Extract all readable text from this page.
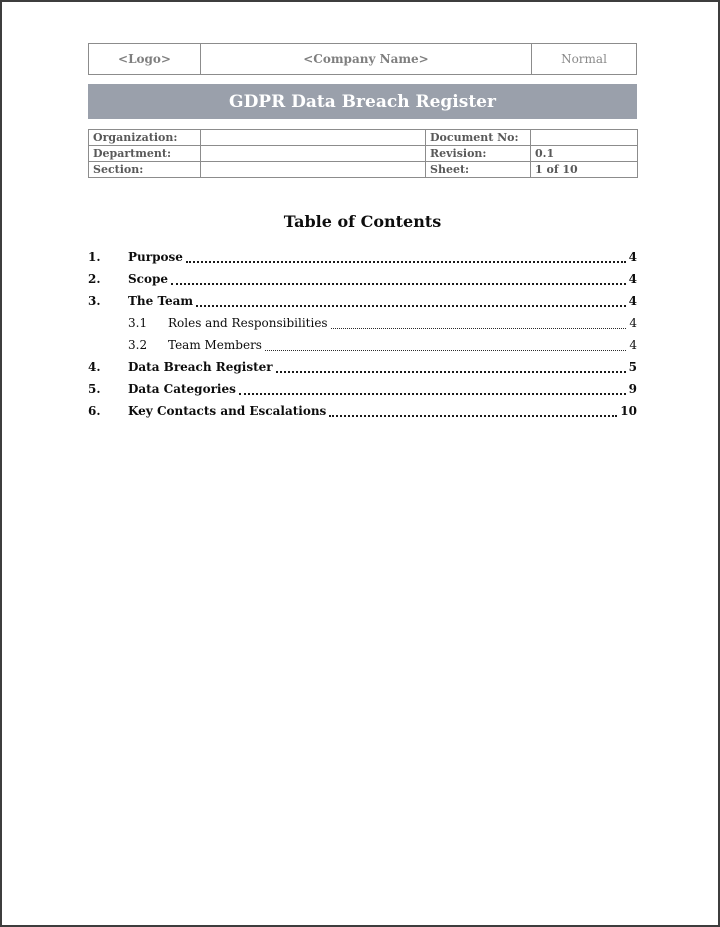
<Logo>	<Company Name>	Normal
GDPR Data Breach Register
Organization:		Document No:	
Department:		Revision:	0.1
Section:		Sheet:	1 of 10
Table of Contents
1.	Purpose	4
2.	Scope	4
3.	The Team	4
3.1	Roles and Responsibilities	4
3.2	Team Members	4
4.	Data Breach Register	5
5.	Data Categories	9
6.	Key Contacts and Escalations	10
